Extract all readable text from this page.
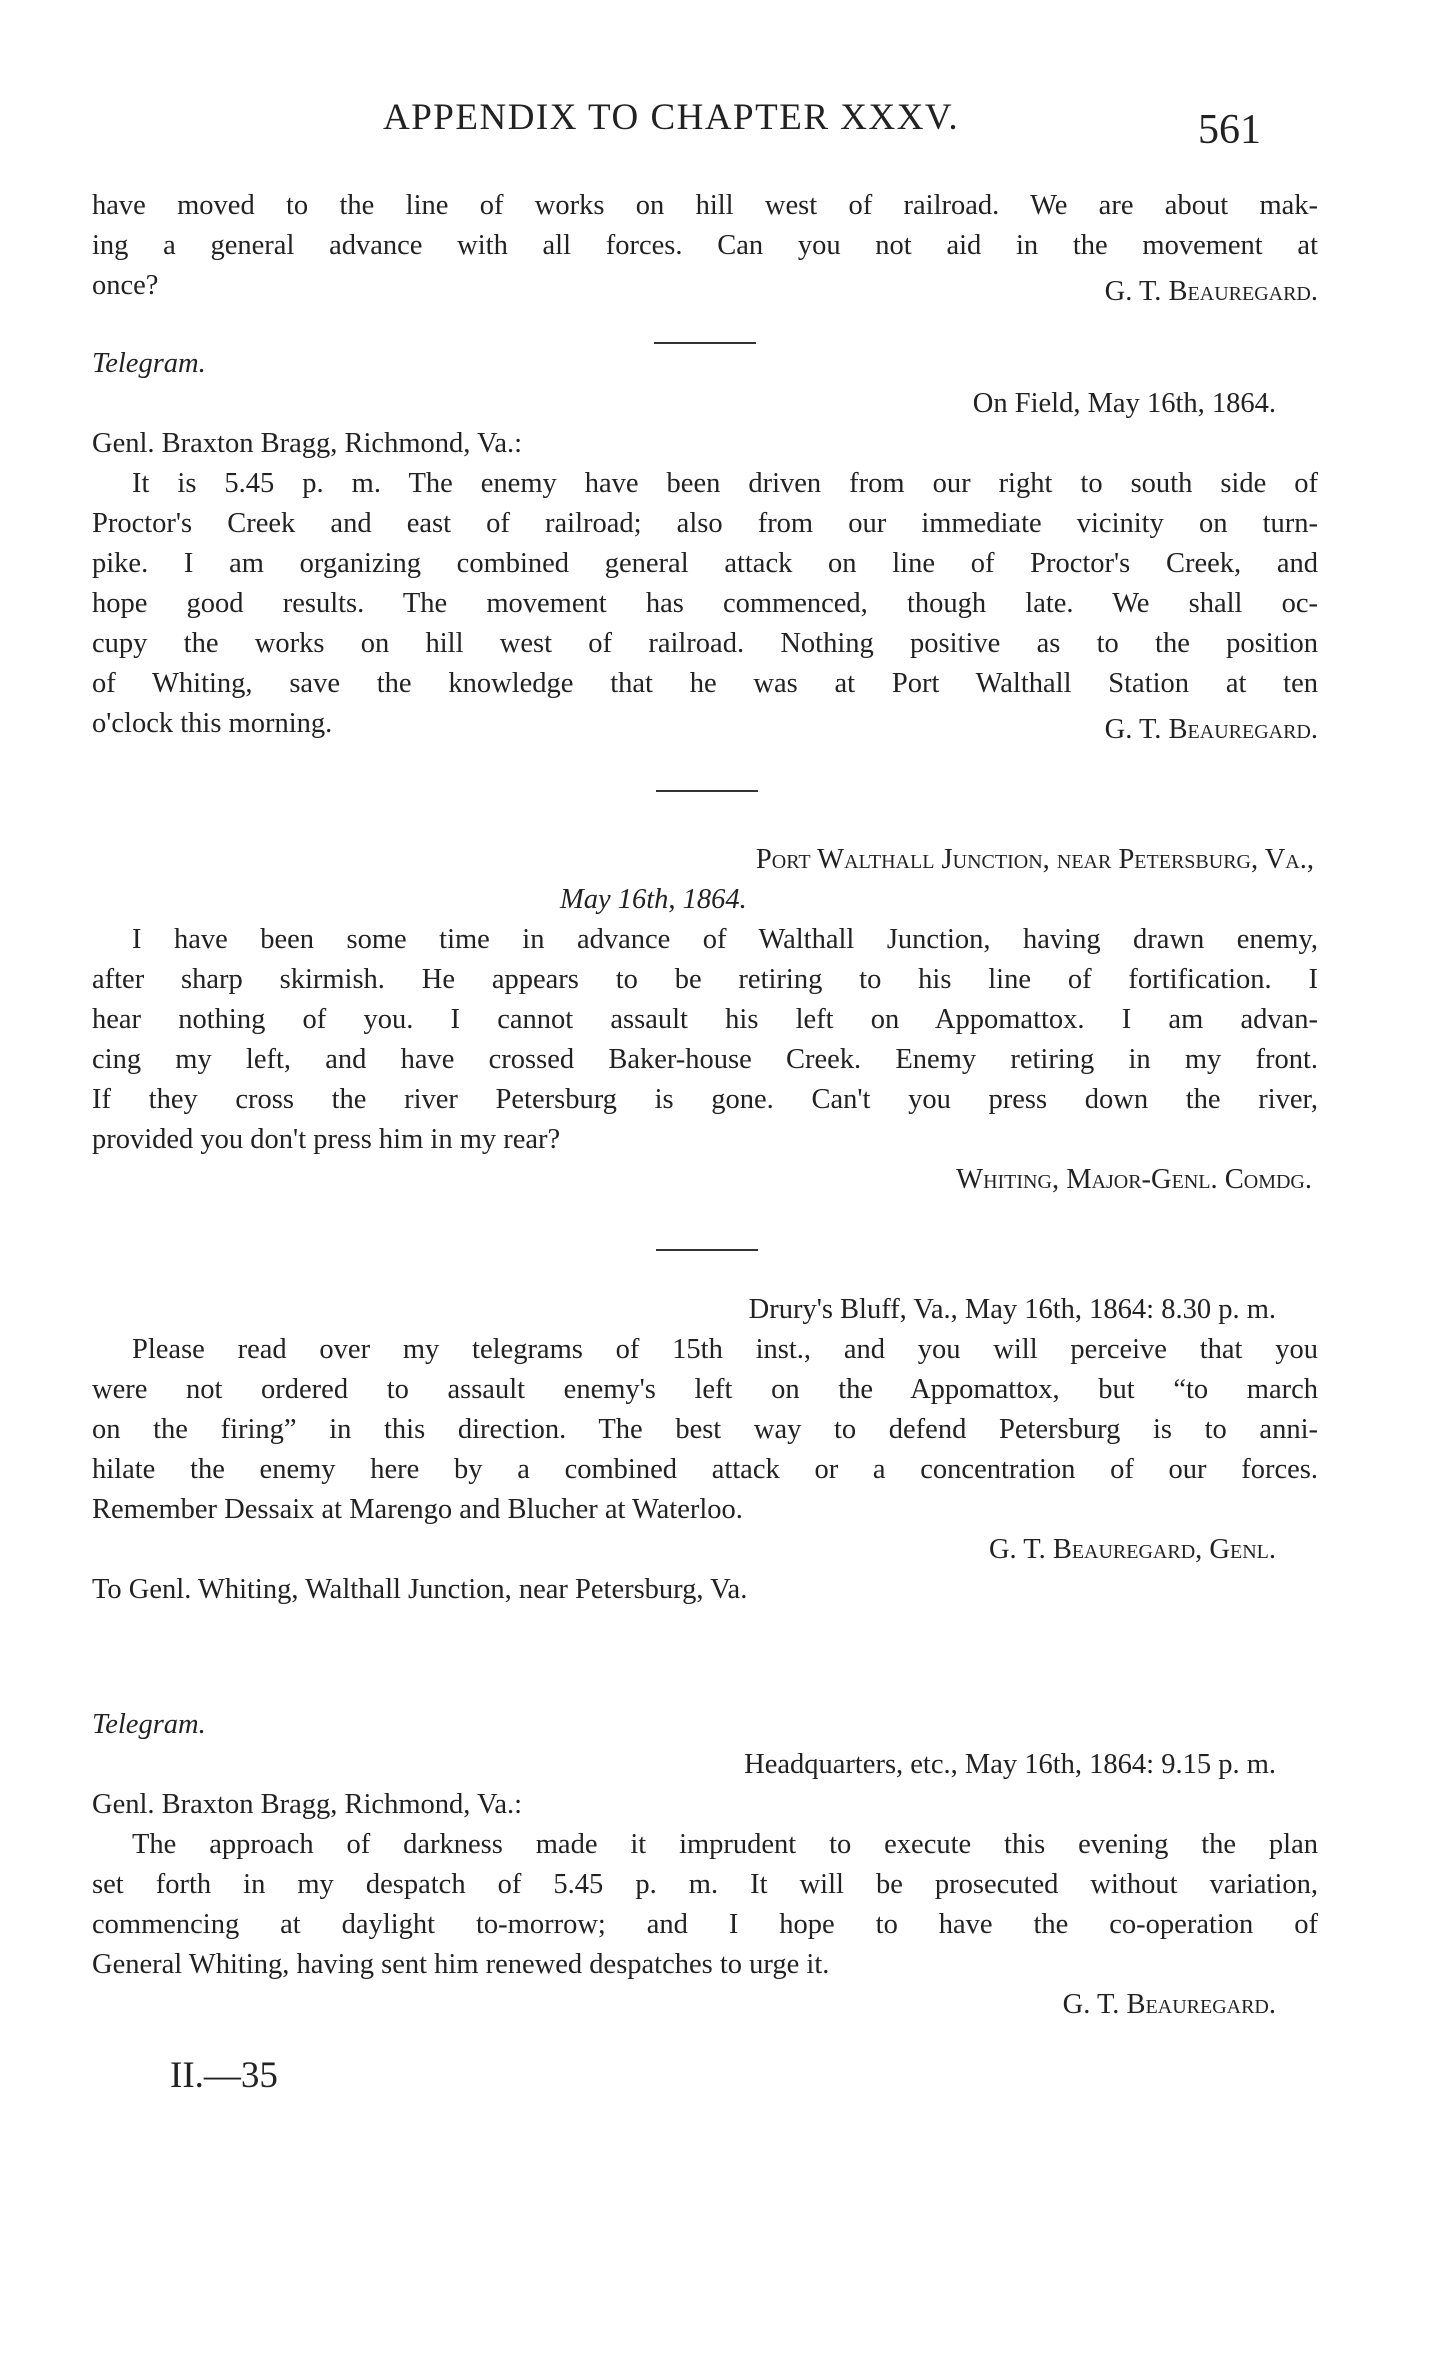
APPENDIX TO CHAPTER XXXV.	561
have moved to the line of works on hill west of railroad. We are about mak-
ing a general advance with all forces. Can you not aid in the movement at
once?	G. T. Beauregard.
Telegram.
On Field, May 16th, 1864.
Genl. Braxton Bragg, Richmond, Va.:
It is 5.45 p. m. The enemy have been driven from our right to south side of
Proctor's Creek and east of railroad; also from our immediate vicinity on turn-
pike. I am organizing combined general attack on line of Proctor's Creek, and
hope good results. The movement has commenced, though late. We shall oc-
cupy the works on hill west of railroad. Nothing positive as to the position
of Whiting, save the knowledge that he was at Port Walthall Station at ten
o'clock this morning.	G. T. Beauregard.
Port Walthall Junction, near Petersburg, Va.,
May 16th, 1864.
I have been some time in advance of Walthall Junction, having drawn enemy,
after sharp skirmish. He appears to be retiring to his line of fortification. I
hear nothing of you. I cannot assault his left on Appomattox. I am advan-
cing my left, and have crossed Baker-house Creek. Enemy retiring in my front.
If they cross the river Petersburg is gone. Can't you press down the river,
provided you don't press him in my rear?
Whiting, Major-Genl. Comdg.
Drury's Bluff, Va., May 16th, 1864: 8.30 p. m.
Please read over my telegrams of 15th inst., and you will perceive that you
were not ordered to assault enemy's left on the Appomattox, but “to march
on the firing” in this direction. The best way to defend Petersburg is to anni-
hilate the enemy here by a combined attack or a concentration of our forces.
Remember Dessaix at Marengo and Blucher at Waterloo.
G. T. Beauregard, Genl.
To Genl. Whiting, Walthall Junction, near Petersburg, Va.
Telegram.
Headquarters, etc., May 16th, 1864: 9.15 p. m.
Genl. Braxton Bragg, Richmond, Va.:
The approach of darkness made it imprudent to execute this evening the plan
set forth in my despatch of 5.45 p. m. It will be prosecuted without variation,
commencing at daylight to-morrow; and I hope to have the co-operation of
General Whiting, having sent him renewed despatches to urge it.
G. T. Beauregard.
II.—35
